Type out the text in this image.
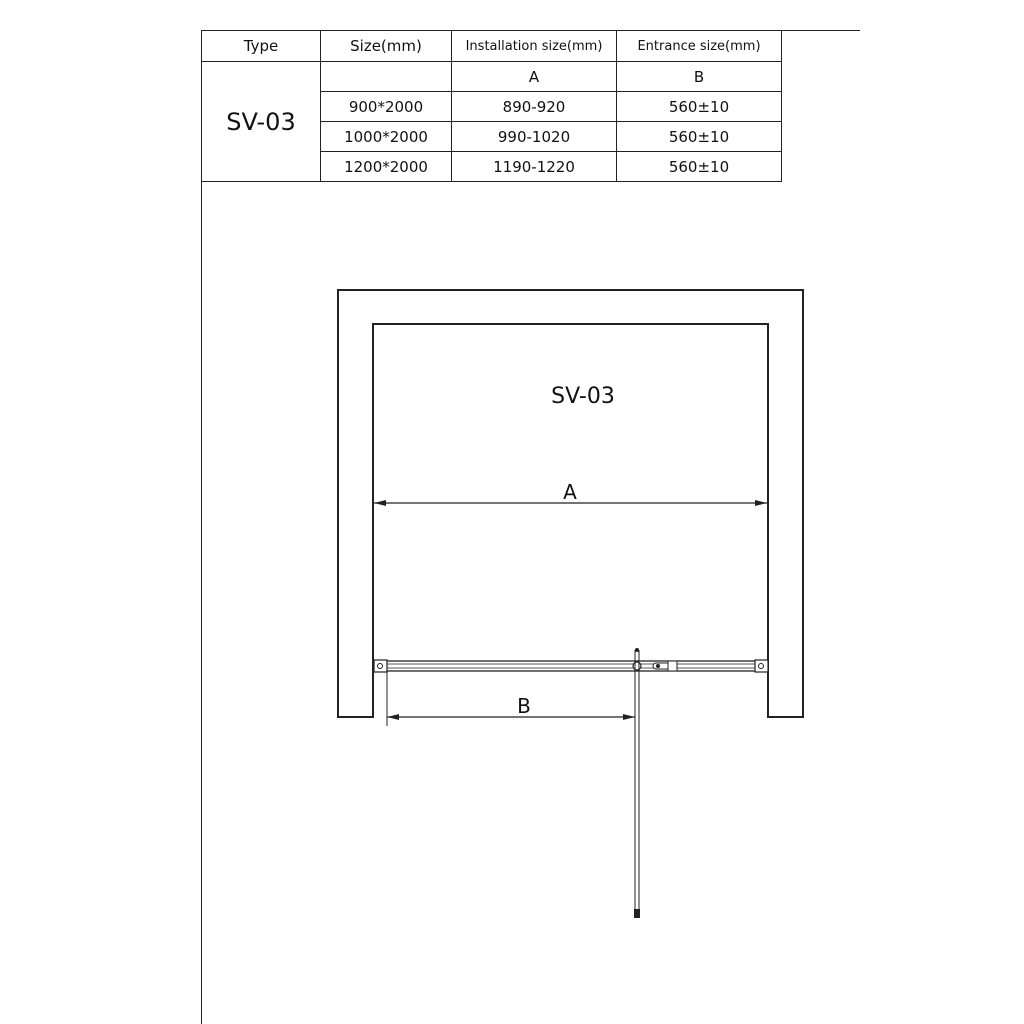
Type	Size(mm)	Installation size(mm)	Entrance size(mm)
SV-03		A	B
	900*2000	890-920	560±10
	1000*2000	990-1020	560±10
	1200*2000	1190-1220	560±10
SV-03
A
B
